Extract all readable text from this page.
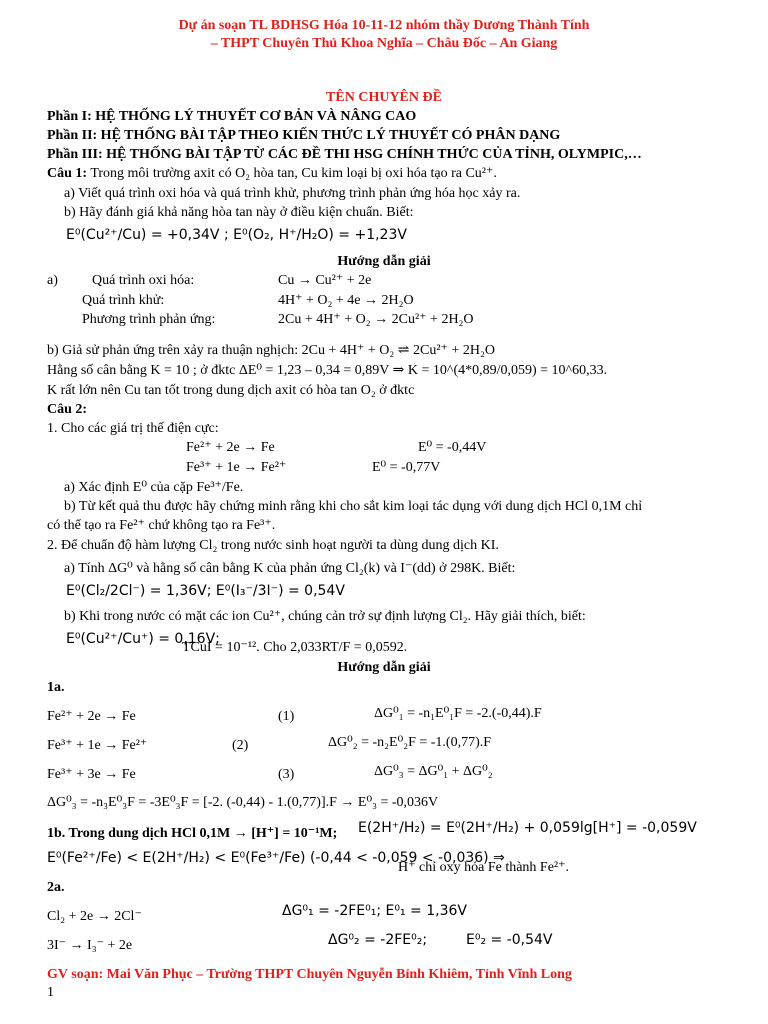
Dự án soạn TL BDHSG Hóa 10-11-12 nhóm thầy Dương Thành Tính
– THPT Chuyên Thủ Khoa Nghĩa – Châu Đốc – An Giang
TÊN CHUYÊN ĐỀ
Phần I: HỆ THỐNG LÝ THUYẾT CƠ BẢN VÀ NÂNG CAO
Phần II: HỆ THỐNG BÀI TẬP THEO KIẾN THỨC LÝ THUYẾT CÓ PHÂN DẠNG
Phần III: HỆ THỐNG BÀI TẬP TỪ CÁC ĐỀ THI HSG CHÍNH THỨC CỦA TỈNH, OLYMPIC,…
Câu 1: Trong môi trường axit có O₂ hòa tan, Cu kim loại bị oxi hóa tạo ra Cu²⁺.
a) Viết quá trình oxi hóa và quá trình khử, phương trình phản ứng hóa học xảy ra.
b) Hãy đánh giá khả năng hòa tan này ở điều kiện chuẩn. Biết:
E⁰(Cu²⁺/Cu) = +0,34V ; E⁰(O₂, H⁺/H₂O) = +1,23V
Hướng dẫn giải
a) Quá trình oxi hóa:	Cu → Cu²⁺ + 2e
Quá trình khử:	4H⁺ + O₂ + 4e → 2H₂O
Phương trình phản ứng:	2Cu + 4H⁺ + O₂ → 2Cu²⁺ + 2H₂O
b) Giả sử phản ứng trên xảy ra thuận nghịch: 2Cu + 4H⁺ + O₂ ⇌ 2Cu²⁺ + 2H₂O
Hằng số cân bằng K = 10 ; ở đktc ΔE⁰ = 1,23 – 0,34 = 0,89V ⇒ K = 10^(4*0,89/0,059) = 10^60,33.
K rất lớn nên Cu tan tốt trong dung dịch axit có hòa tan O₂ ở đktc
Câu 2:
1. Cho các giá trị thế điện cực:
Fe²⁺ + 2e → Fe	E⁰ = -0,44V
Fe³⁺ + 1e → Fe²⁺	E⁰ = -0,77V
a) Xác định E⁰ của cặp Fe³⁺/Fe.
b) Từ kết quả thu được hãy chứng minh rằng khi cho sắt kim loại tác dụng với dung dịch HCl 0,1M chỉ
có thể tạo ra Fe²⁺ chứ không tạo ra Fe³⁺.
2. Để chuẩn độ hàm lượng Cl₂ trong nước sinh hoạt người ta dùng dung dịch KI.
a) Tính ΔG⁰ và hằng số cân bằng K của phản ứng Cl₂(k) và I⁻(dd) ở 298K. Biết:
E⁰(Cl₂/2Cl⁻) = 1,36V; E⁰(I₃⁻/3I⁻) = 0,54V
b) Khi trong nước có mặt các ion Cu²⁺, chúng cản trở sự định lượng Cl₂. Hãy giải thích, biết:
E⁰(Cu²⁺/Cu⁺) = 0,16V;
TCuI = 10⁻¹². Cho 2,033RT/F = 0,0592.
Hướng dẫn giải
1a.
Fe²⁺ + 2e → Fe	(1)	ΔG⁰₁ = -n₁E⁰₁F = -2.(-0,44).F
Fe³⁺ + 1e → Fe²⁺	(2)	ΔG⁰₂ = -n₂E⁰₂F = -1.(0,77).F
Fe³⁺ + 3e → Fe	(3)	ΔG⁰₃ = ΔG⁰₁ + ΔG⁰₂
ΔG⁰₃ = -n₃E⁰₃F = -3E⁰₃F = [-2. (-0,44) - 1.(0,77)].F → E⁰₃ = -0,036V
1b. Trong dung dịch HCl 0,1M → [H⁺] = 10⁻¹M; E(2H⁺/H₂) = E⁰(2H⁺/H₂) + 0,059lg[H⁺] = -0,059V
E⁰(Fe²⁺/Fe) < E(2H⁺/H₂) < E⁰(Fe³⁺/Fe) (-0,44 < -0,059 < -0,036) ⇒
H⁺ chỉ oxy hóa Fe thành Fe²⁺.
2a.
Cl₂ + 2e → 2Cl⁻	ΔG⁰₁ = -2FE⁰₁; E⁰₁ = 1,36V
3I⁻ → I₃⁻ + 2e	ΔG⁰₂ = -2FE⁰₂;	E⁰₂ = -0,54V
GV soạn: Mai Văn Phục – Trường THPT Chuyên Nguyễn Bỉnh Khiêm, Tỉnh Vĩnh Long
1
